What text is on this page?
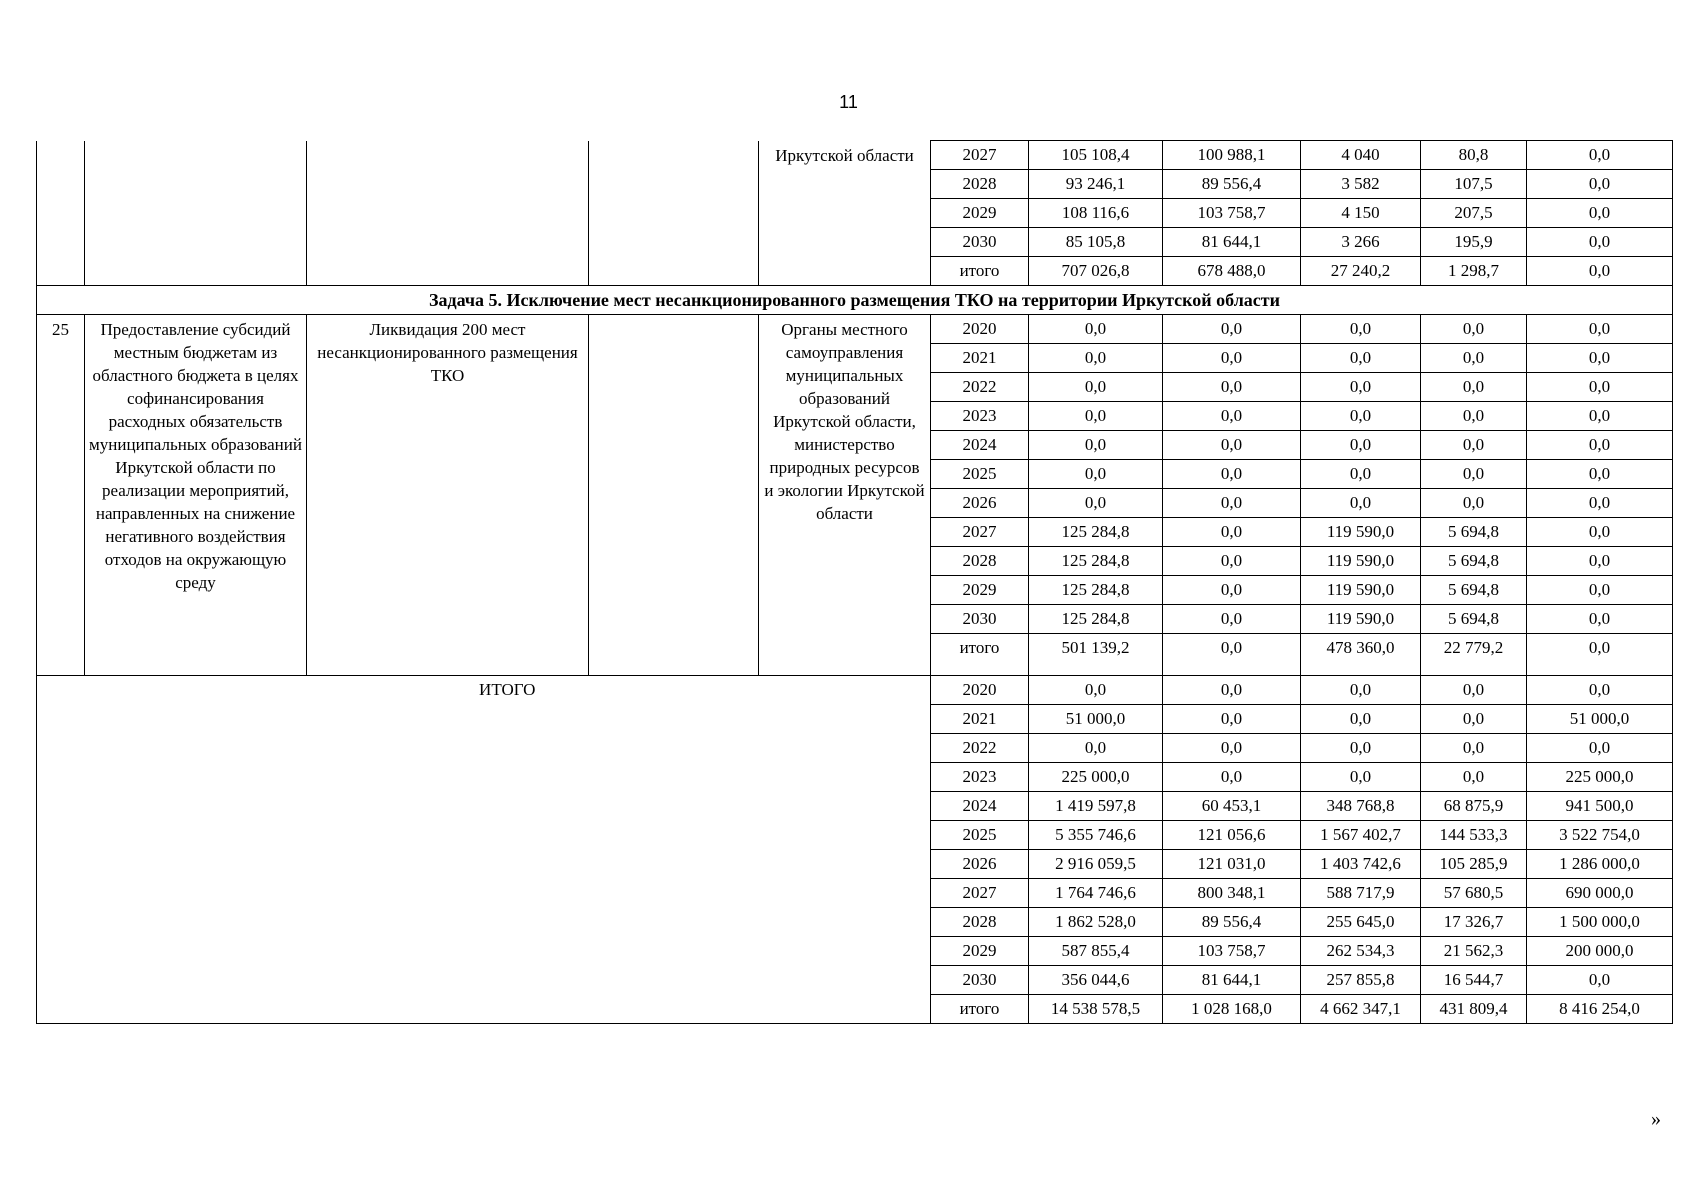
11
				Иркутской области	2027	105 108,4	100 988,1	4 040	80,8	0,0
					2028	93 246,1	89 556,4	3 582	107,5	0,0
					2029	108 116,6	103 758,7	4 150	207,5	0,0
					2030	85 105,8	81 644,1	3 266	195,9	0,0
					итого	707 026,8	678 488,0	27 240,2	1 298,7	0,0
Задача 5. Исключение мест несанкционированного размещения ТКО на территории Иркутской области										
25	Предоставление субсидий местным бюджетам из областного бюджета в целях софинансирования расходных обязательств муниципальных образований Иркутской области по реализации мероприятий, направленных на снижение негативного воздействия отходов на окружающую среду	Ликвидация 200 мест несанкционированного размещения ТКО		Органы местного самоуправления муниципальных образований Иркутской области, министерство природных ресурсов и экологии Иркутской области	2020	0,0	0,0	0,0	0,0	0,0
					2021	0,0	0,0	0,0	0,0	0,0
					2022	0,0	0,0	0,0	0,0	0,0
					2023	0,0	0,0	0,0	0,0	0,0
					2024	0,0	0,0	0,0	0,0	0,0
					2025	0,0	0,0	0,0	0,0	0,0
					2026	0,0	0,0	0,0	0,0	0,0
					2027	125 284,8	0,0	119 590,0	5 694,8	0,0
					2028	125 284,8	0,0	119 590,0	5 694,8	0,0
					2029	125 284,8	0,0	119 590,0	5 694,8	0,0
					2030	125 284,8	0,0	119 590,0	5 694,8	0,0
					итого	501 139,2	0,0	478 360,0	22 779,2	0,0
	ИТОГО				2020	0,0	0,0	0,0	0,0	0,0
					2021	51 000,0	0,0	0,0	0,0	51 000,0
					2022	0,0	0,0	0,0	0,0	0,0
					2023	225 000,0	0,0	0,0	0,0	225 000,0
					2024	1 419 597,8	60 453,1	348 768,8	68 875,9	941 500,0
					2025	5 355 746,6	121 056,6	1 567 402,7	144 533,3	3 522 754,0
					2026	2 916 059,5	121 031,0	1 403 742,6	105 285,9	1 286 000,0
					2027	1 764 746,6	800 348,1	588 717,9	57 680,5	690 000,0
					2028	1 862 528,0	89 556,4	255 645,0	17 326,7	1 500 000,0
					2029	587 855,4	103 758,7	262 534,3	21 562,3	200 000,0
					2030	356 044,6	81 644,1	257 855,8	16 544,7	0,0
					итого	14 538 578,5	1 028 168,0	4 662 347,1	431 809,4	8 416 254,0
»
